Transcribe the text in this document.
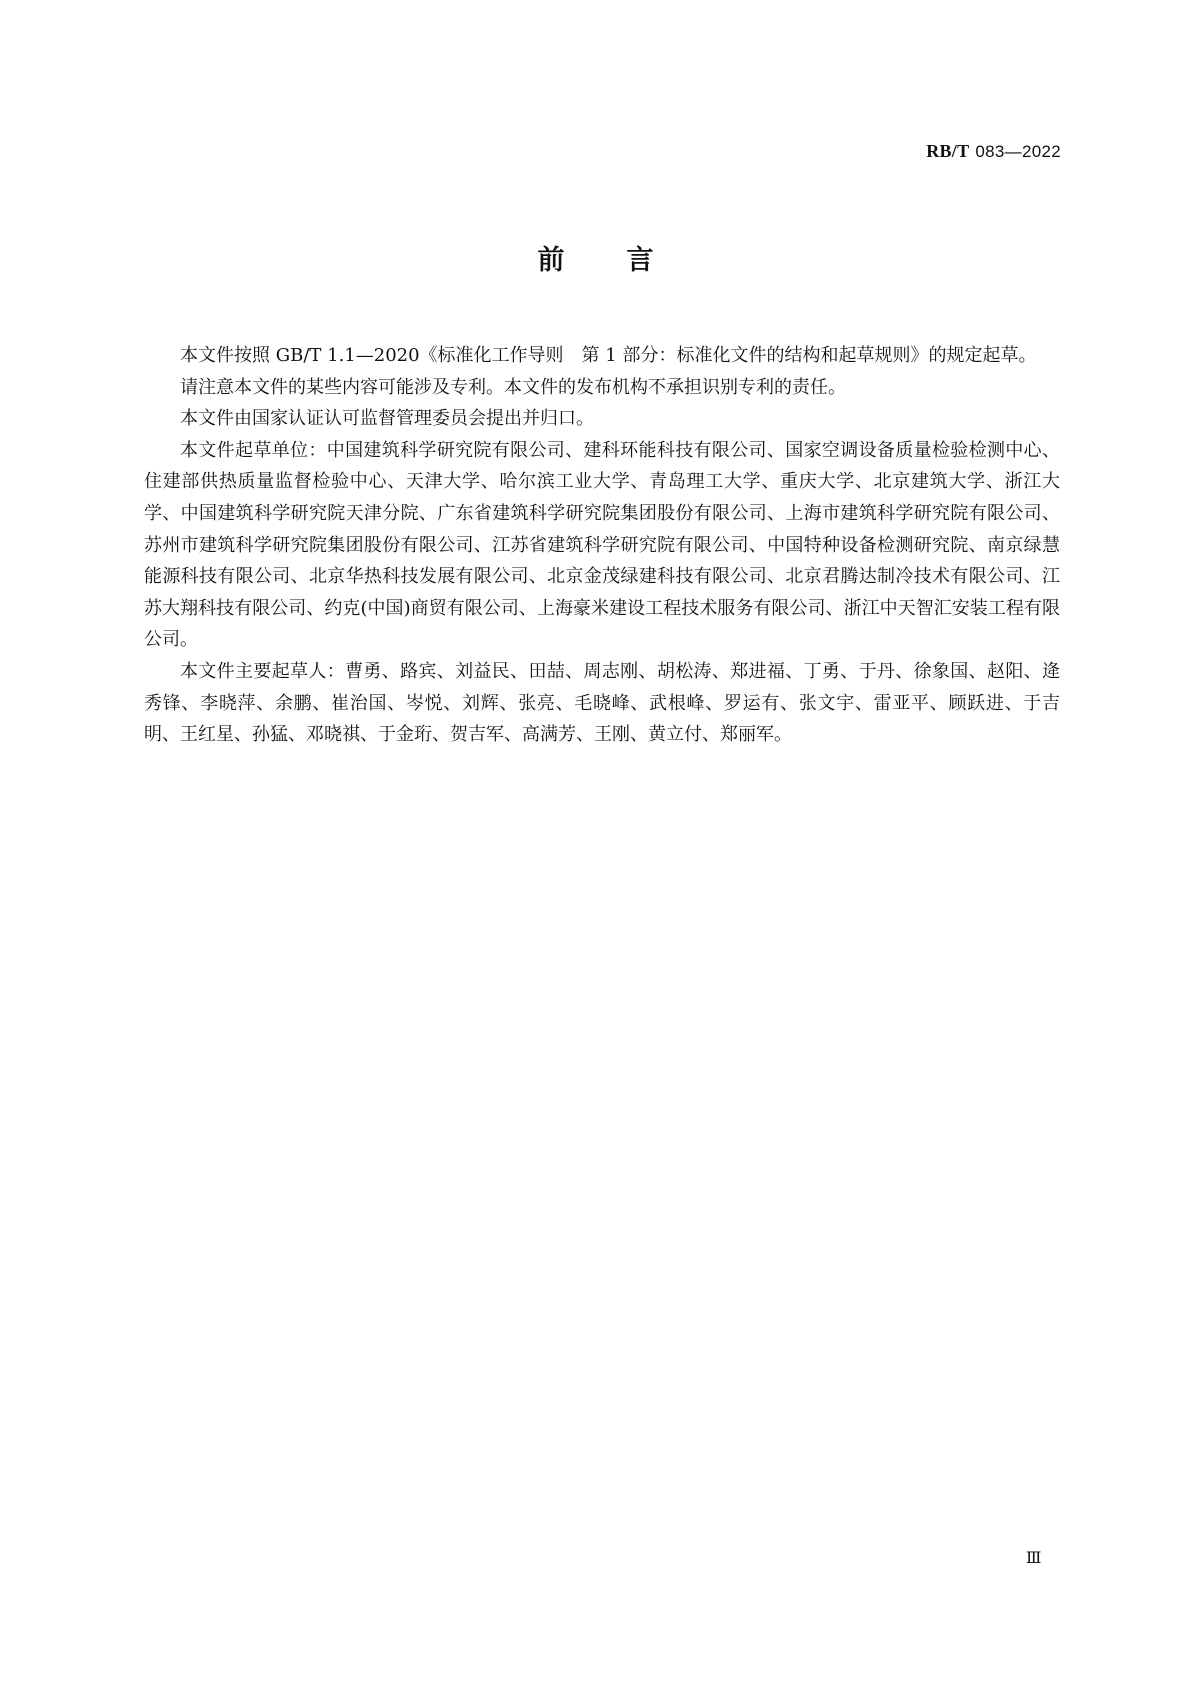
RB/T 083—2022
前 言

本文件按照 GB/T 1.1—2020《标准化工作导则　第 1 部分：标准化文件的结构和起草规则》的规定起草。

请注意本文件的某些内容可能涉及专利。本文件的发布机构不承担识别专利的责任。

本文件由国家认证认可监督管理委员会提出并归口。

本文件起草单位：中国建筑科学研究院有限公司、建科环能科技有限公司、国家空调设备质量检验检测中心、住建部供热质量监督检验中心、天津大学、哈尔滨工业大学、青岛理工大学、重庆大学、北京建筑大学、浙江大学、中国建筑科学研究院天津分院、广东省建筑科学研究院集团股份有限公司、上海市建筑科学研究院有限公司、苏州市建筑科学研究院集团股份有限公司、江苏省建筑科学研究院有限公司、中国特种设备检测研究院、南京绿慧能源科技有限公司、北京华热科技发展有限公司、北京金茂绿建科技有限公司、北京君腾达制冷技术有限公司、江苏大翔科技有限公司、约克(中国)商贸有限公司、上海豪米建设工程技术服务有限公司、浙江中天智汇安装工程有限公司。

本文件主要起草人：曹勇、路宾、刘益民、田喆、周志刚、胡松涛、郑进福、丁勇、于丹、徐象国、赵阳、逄秀锋、李晓萍、余鹏、崔治国、岑悦、刘辉、张亮、毛晓峰、武根峰、罗运有、张文宇、雷亚平、顾跃进、于吉明、王红星、孙猛、邓晓祺、于金珩、贺吉军、高满芳、王刚、黄立付、郑丽军。

Ⅲ
